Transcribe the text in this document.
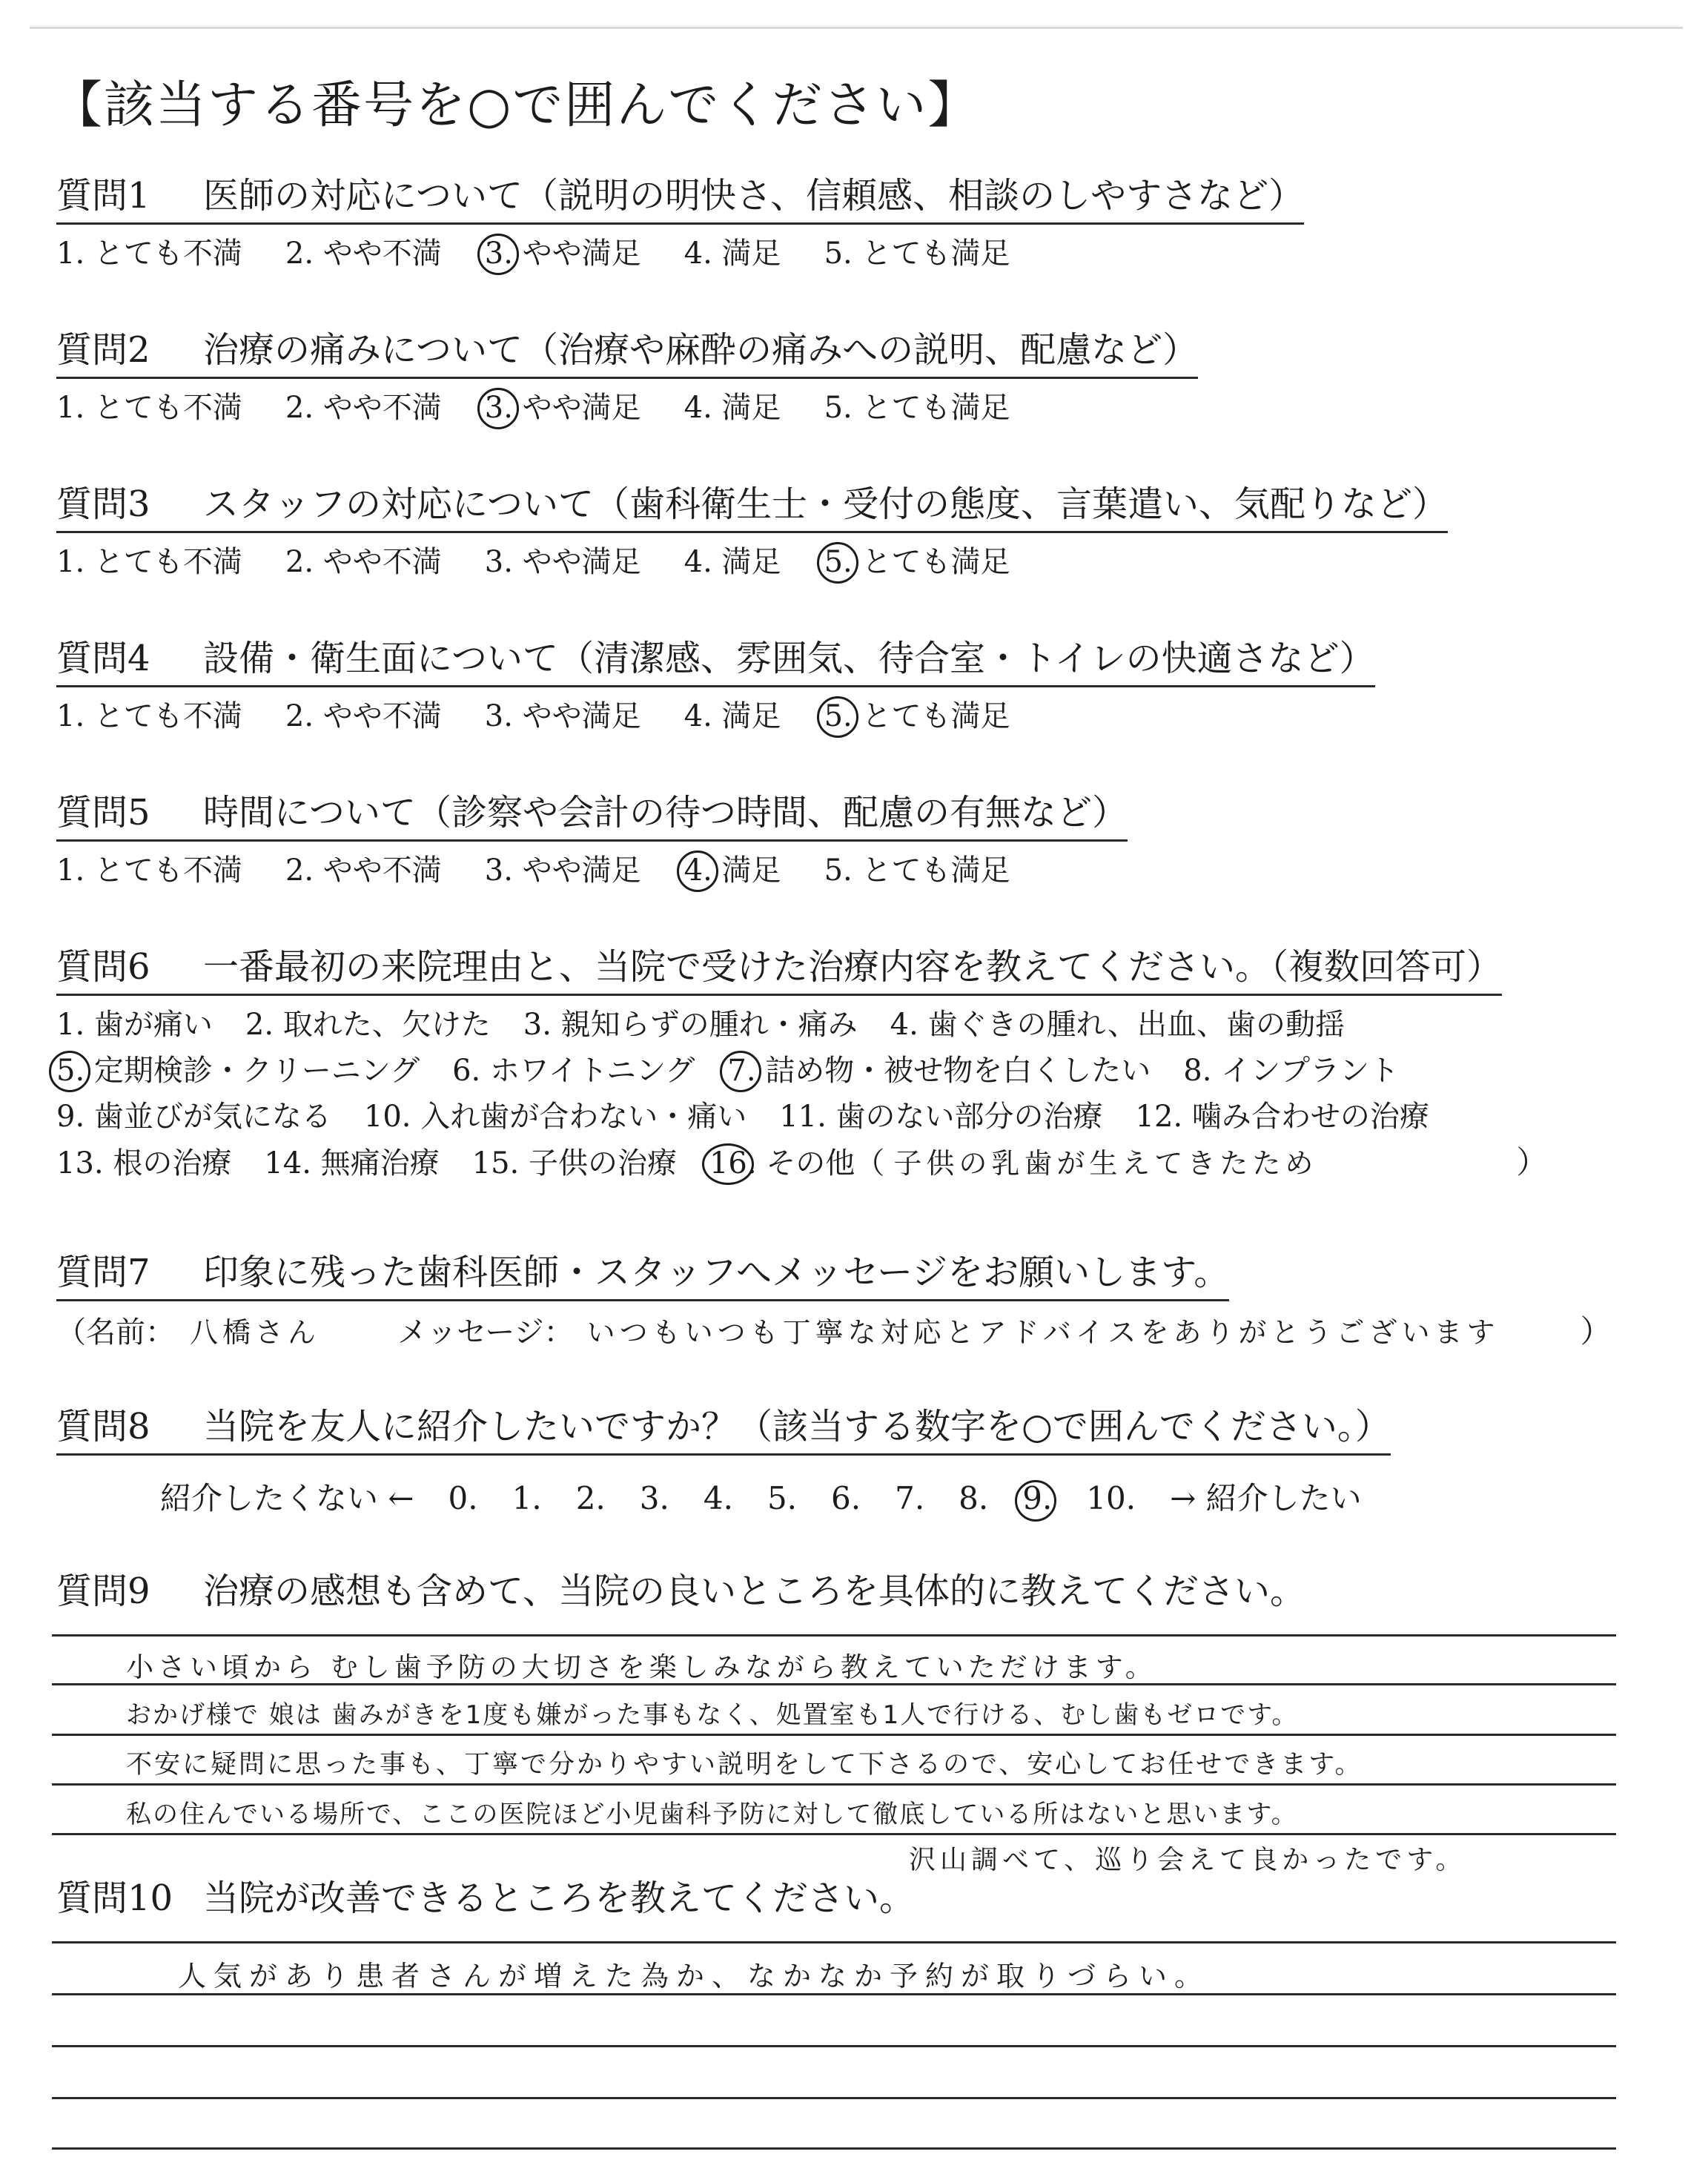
【該当する番号を○で囲んでください】
質問1 医師の対応について（説明の明快さ、信頼感、相談のしやすさなど）
1. とても不満 2. やや不満 3. やや満足 4. 満足 5. とても満足
質問2 治療の痛みについて（治療や麻酔の痛みへの説明、配慮など）
1. とても不満 2. やや不満 3. やや満足 4. 満足 5. とても満足
質問3 スタッフの対応について（歯科衛生士・受付の態度、言葉遣い、気配りなど）
1. とても不満 2. やや不満 3. やや満足 4. 満足 5. とても満足
質問4 設備・衛生面について（清潔感、雰囲気、待合室・トイレの快適さなど）
1. とても不満 2. やや不満 3. やや満足 4. 満足 5. とても満足
質問5 時間について（診察や会計の待つ時間、配慮の有無など）
1. とても不満 2. やや不満 3. やや満足 4. 満足 5. とても満足
質問6 一番最初の来院理由と、当院で受けた治療内容を教えてください。（複数回答可）
1. 歯が痛い 2. 取れた、欠けた 3. 親知らずの腫れ・痛み 4. 歯ぐきの腫れ、出血、歯の動揺
5. 定期検診・クリーニング 6. ホワイトニング 7. 詰め物・被せ物を白くしたい 8. インプラント
9. 歯並びが気になる 10. 入れ歯が合わない・痛い 11. 歯のない部分の治療 12. 噛み合わせの治療
13. 根の治療 14. 無痛治療 15. 子供の治療 16. その他（ 子供の乳歯が生えてきたため	）
質問7 印象に残った歯科医師・スタッフへメッセージをお願いします。
（名前： 八橋さん	メッセージ： いつもいつも丁寧な対応とアドバイスをありがとうございます	）
質問8 当院を友人に紹介したいですか？（該当する数字を○で囲んでください。）
紹介したくない ← 0. 1. 2. 3. 4. 5. 6. 7. 8. 9. 10. → 紹介したい
質問9 治療の感想も含めて、当院の良いところを具体的に教えてください。
小さい頃から むし歯予防の大切さを楽しみながら教えていただけます。
おかげ様で 娘は 歯みがきを1度も嫌がった事もなく、処置室も1人で行ける、むし歯もゼロです。
不安に疑問に思った事も、丁寧で分かりやすい説明をして下さるので、安心してお任せできます。
私の住んでいる場所で、ここの医院ほど小児歯科予防に対して徹底している所はないと思います。
沢山調べて、巡り会えて良かったです。
質問10 当院が改善できるところを教えてください。
人気があり患者さんが増えた為か、なかなか予約が取りづらい。
